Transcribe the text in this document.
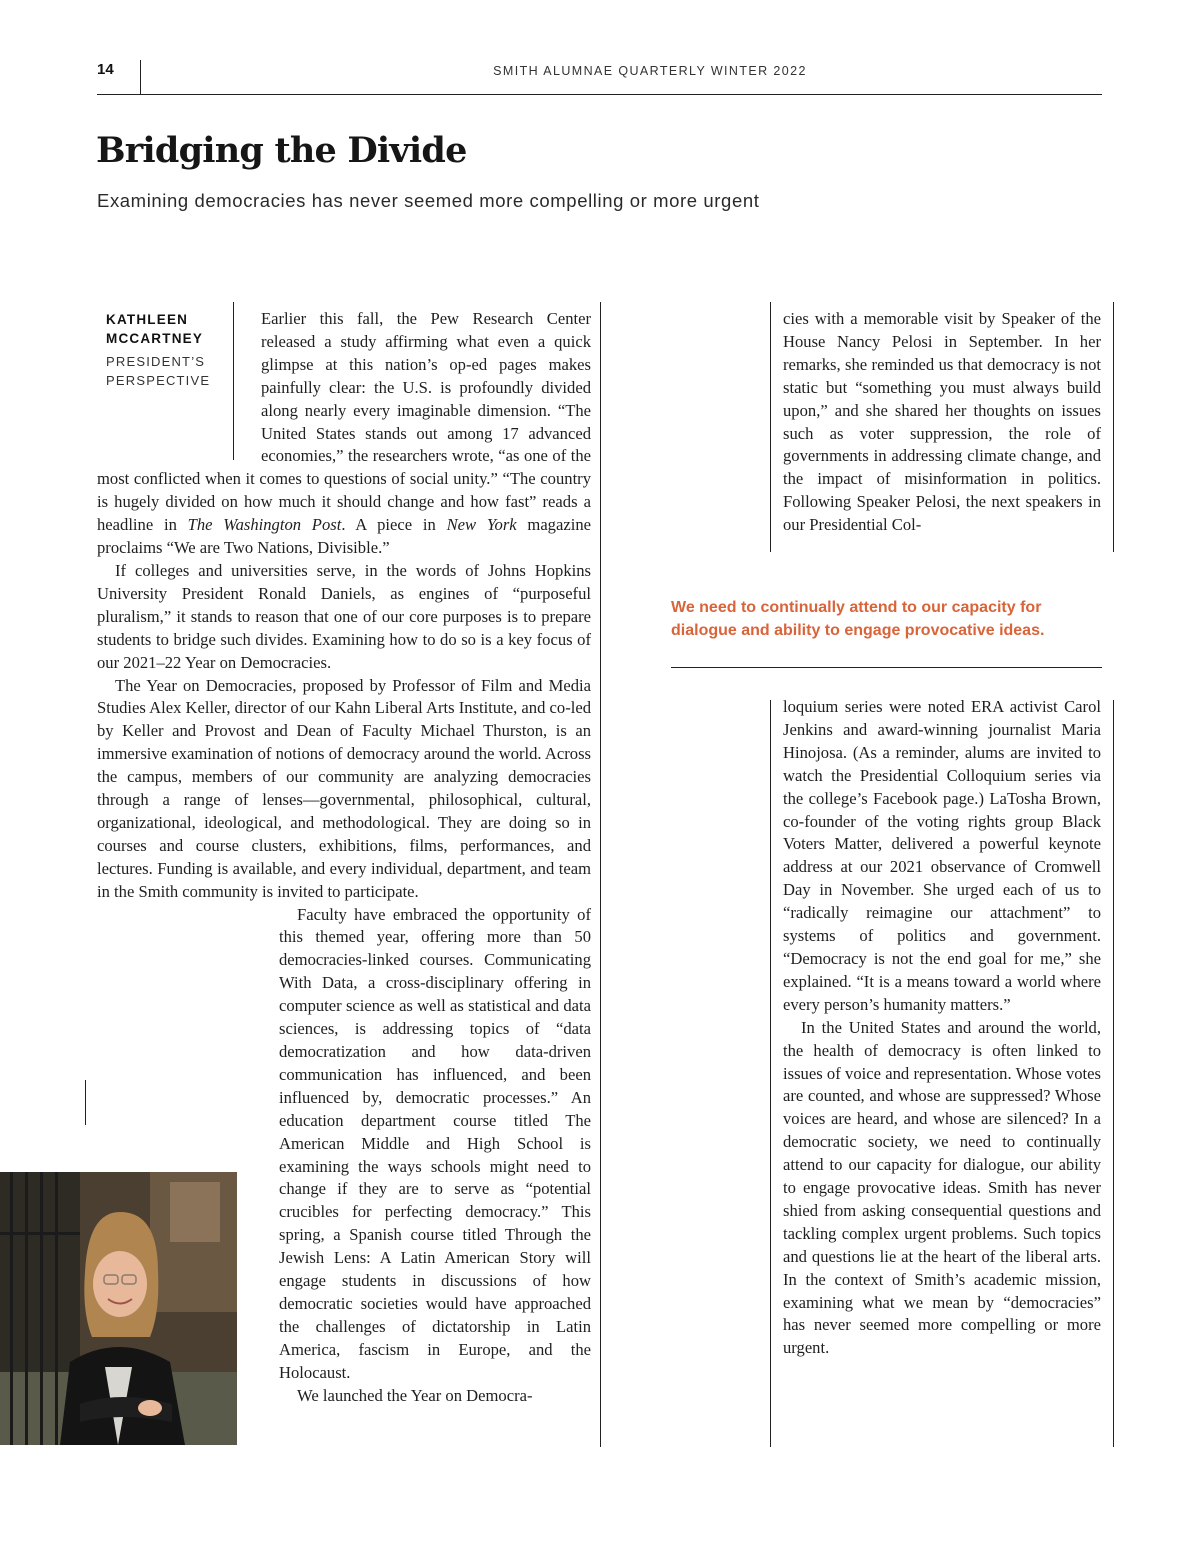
14	SMITH ALUMNAE QUARTERLY WINTER 2022
Bridging the Divide
Examining democracies has never seemed more compelling or more urgent
KATHLEEN
MCCARTNEY
PRESIDENT’S
PERSPECTIVE

Earlier this fall, the Pew Research Center released a study affirming what even a quick glimpse at this nation’s op-ed pages makes painfully clear: the U.S. is profoundly divided along nearly every imaginable dimension. “The United States stands out among 17 advanced economies,” the researchers wrote, “as one of the most conflicted when it comes to questions of social unity.” “The country is hugely divided on how much it should change and how fast” reads a headline in The Washington Post. A piece in New York magazine proclaims “We are Two Nations, Divisible.”

If colleges and universities serve, in the words of Johns Hopkins University President Ronald Daniels, as engines of “purposeful pluralism,” it stands to reason that one of our core purposes is to prepare students to bridge such divides. Examining how to do so is a key focus of our 2021–22 Year on Democracies.

The Year on Democracies, proposed by Professor of Film and Media Studies Alex Keller, director of our Kahn Liberal Arts Institute, and co-led by Keller and Provost and Dean of Faculty Michael Thurston, is an immersive examination of notions of democracy around the world. Across the campus, members of our community are analyzing democracies through a range of lenses—governmental, philosophical, cultural, organizational, ideological, and methodological. They are doing so in courses and course clusters, exhibitions, films, performances, and lectures. Funding is available, and every individual, department, and team in the Smith community is invited to participate.

Faculty have embraced the opportunity of this themed year, offering more than 50 democracies-linked courses. Communicating With Data, a cross-disciplinary offering in computer science as well as statistical and data sciences, is addressing topics of “data democratization and how data-driven communication has influenced, and been influenced by, democratic processes.” An education department course titled The American Middle and High School is examining the ways schools might need to change if they are to serve as “potential crucibles for perfecting democracy.” This spring, a Spanish course titled Through the Jewish Lens: A Latin American Story will engage students in discussions of how democratic societies would have approached the challenges of dictatorship in Latin America, fascism in Europe, and the Holocaust.

We launched the Year on Democra-

cies with a memorable visit by Speaker of the House Nancy Pelosi in September. In her remarks, she reminded us that democracy is not static but “something you must always build upon,” and she shared her thoughts on issues such as voter suppression, the role of governments in addressing climate change, and the impact of misinformation in politics. Following Speaker Pelosi, the next speakers in our Presidential Col-

We need to continually attend to our capacity for dialogue and ability to engage provocative ideas.

loquium series were noted ERA activist Carol Jenkins and award-winning journalist Maria Hinojosa. (As a reminder, alums are invited to watch the Presidential Colloquium series via the college’s Facebook page.) LaTosha Brown, co-founder of the voting rights group Black Voters Matter, delivered a powerful keynote address at our 2021 observance of Cromwell Day in November. She urged each of us to “radically reimagine our attachment” to systems of politics and government. “Democracy is not the end goal for me,” she explained. “It is a means toward a world where every person’s humanity matters.”

In the United States and around the world, the health of democracy is often linked to issues of voice and representation. Whose votes are counted, and whose are suppressed? Whose voices are heard, and whose are silenced? In a democratic society, we need to continually attend to our capacity for dialogue, our ability to engage provocative ideas. Smith has never shied from asking consequential questions and tackling complex urgent problems. Such topics and questions lie at the heart of the liberal arts. In the context of Smith’s academic mission, examining what we mean by “democracies” has never seemed more compelling or more urgent.
